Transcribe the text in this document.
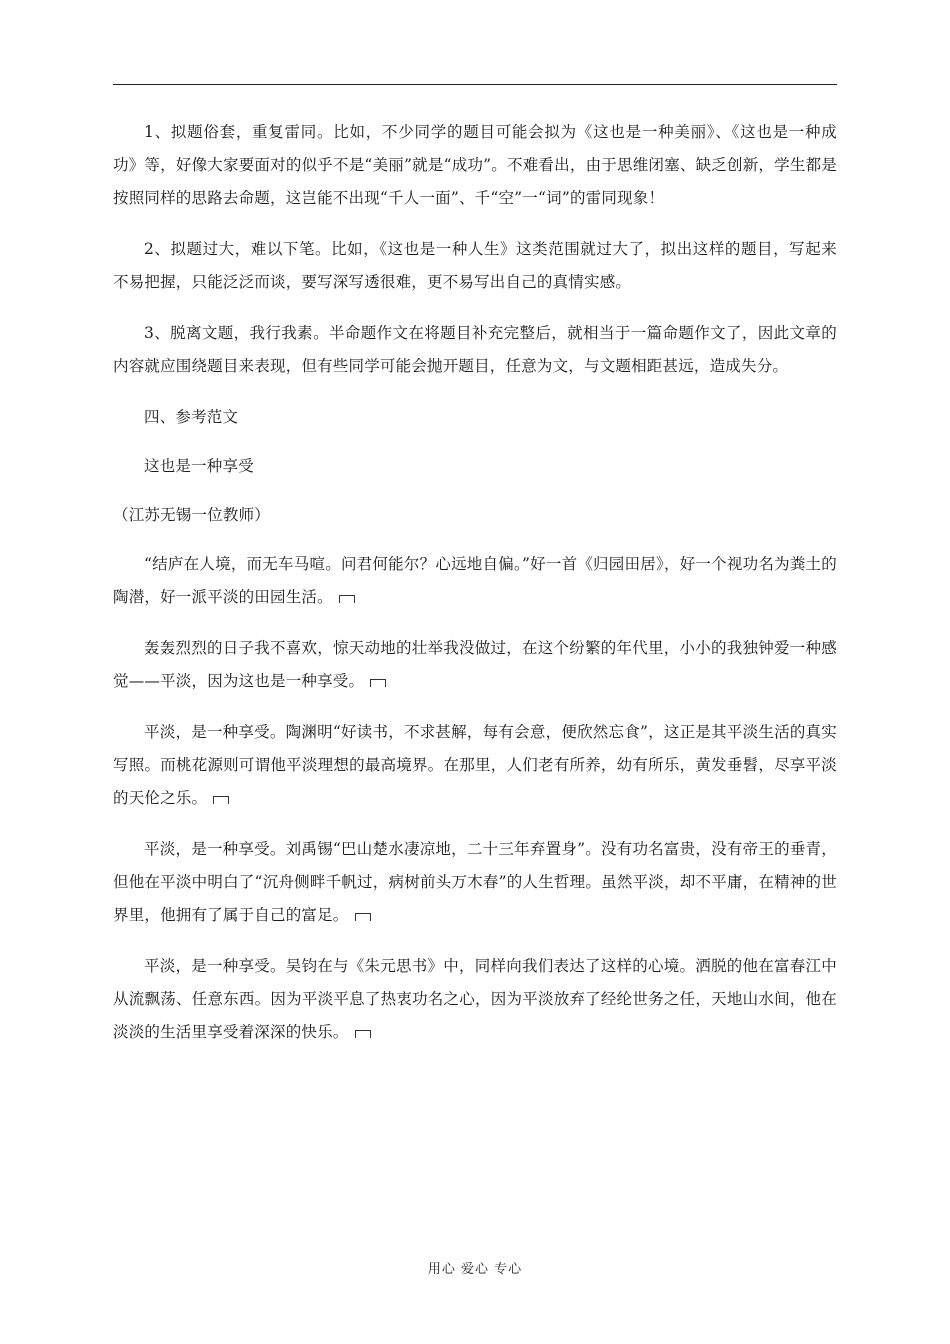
1、拟题俗套，重复雷同。比如，不少同学的题目可能会拟为《这也是一种美丽》、《这也是一种成功》等，好像大家要面对的似乎不是“美丽”就是“成功”。不难看出，由于思维闭塞、缺乏创新，学生都是按照同样的思路去命题，这岂能不出现“千人一面”、千“空”一“词”的雷同现象！

2、拟题过大，难以下笔。比如，《这也是一种人生》这类范围就过大了，拟出这样的题目，写起来不易把握，只能泛泛而谈，要写深写透很难，更不易写出自己的真情实感。

3、脱离文题，我行我素。半命题作文在将题目补充完整后，就相当于一篇命题作文了，因此文章的内容就应围绕题目来表现，但有些同学可能会抛开题目，任意为文，与文题相距甚远，造成失分。

四、参考范文

这也是一种享受

（江苏无锡一位教师）

“结庐在人境，而无车马喧。问君何能尔？心远地自偏。”好一首《归园田居》，好一个视功名为粪土的陶潜，好一派平淡的田园生活。

轰轰烈烈的日子我不喜欢，惊天动地的壮举我没做过，在这个纷繁的年代里，小小的我独钟爱一种感觉——平淡，因为这也是一种享受。

平淡，是一种享受。陶渊明“好读书，不求甚解，每有会意，便欣然忘食”，这正是其平淡生活的真实写照。而桃花源则可谓他平淡理想的最高境界。在那里，人们老有所养，幼有所乐，黄发垂髫，尽享平淡的天伦之乐。

平淡，是一种享受。刘禹锡“巴山楚水凄凉地，二十三年弃置身”。没有功名富贵，没有帝王的垂青，但他在平淡中明白了“沉舟侧畔千帆过，病树前头万木春”的人生哲理。虽然平淡，却不平庸，在精神的世界里，他拥有了属于自己的富足。

平淡，是一种享受。吴钧在与《朱元思书》中，同样向我们表达了这样的心境。洒脱的他在富春江中从流飘荡、任意东西。因为平淡平息了热衷功名之心，因为平淡放弃了经纶世务之任，天地山水间，他在淡淡的生活里享受着深深的快乐。

用心 爱心 专心
